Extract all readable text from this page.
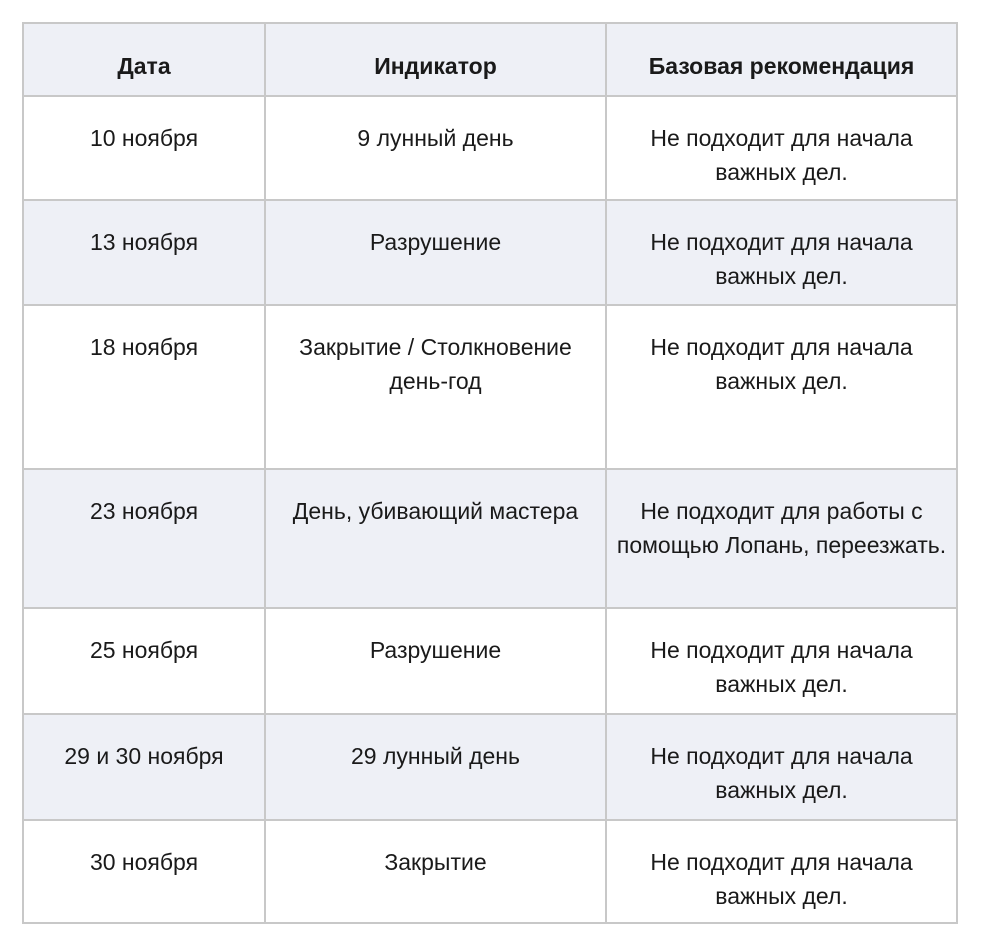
Дата	Индикатор	Базовая рекомендация
10 ноября	9 лунный день	Не подходит для начала важных дел.
13 ноября	Разрушение	Не подходит для начала важных дел.
18 ноября	Закрытие / Столкновение день-год	Не подходит для начала важных дел.
23 ноября	День, убивающий мастера	Не подходит для работы с помощью Лопань, переезжать.
25 ноября	Разрушение	Не подходит для начала важных дел.
29 и 30 ноября	29 лунный день	Не подходит для начала важных дел.
30 ноября	Закрытие	Не подходит для начала важных дел.
